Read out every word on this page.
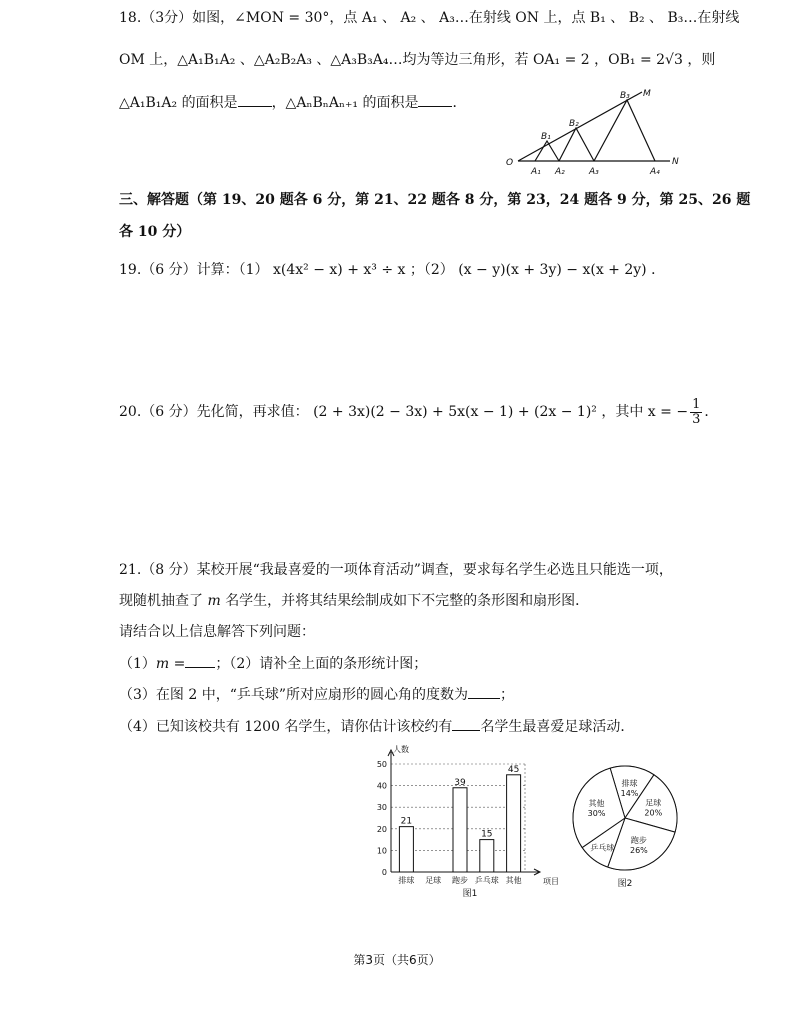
18.（3分）如图，∠MON = 30°，点 A₁ 、 A₂ 、 A₃…在射线 ON 上，点 B₁ 、 B₂ 、 B₃…在射线
OM 上，△A₁B₁A₂ 、△A₂B₂A₃ 、△A₃B₃A₄…均为等边三角形，若 OA₁ = 2 ，OB₁ = 2√3 ，则
△A₁B₁A₂ 的面积是 ，△AₙBₙAₙ₊₁ 的面积是 ．
O
M
N
A₁ A₂	A₃	A₄
B₁
B₂
B₃
三、解答题（第 19、20 题各 6 分，第 21、22 题各 8 分，第 23，24 题各 9 分，第 25、26 题
各 10 分）
19.（6 分）计算：（1） x(4x² − x) + x³ ÷ x ；（2） (x − y)(x + 3y) − x(x + 2y) ．
20.（6 分）先化简，再求值： (2 + 3x)(2 − 3x) + 5x(x − 1) + (2x − 1)² ，其中 x = − $\frac{1}{3}$ ．
21.（8 分）某校开展“我最喜爱的一项体育活动”调查，要求每名学生必选且只能选一项，
现随机抽查了 m 名学生，并将其结果绘制成如下不完整的条形图和扇形图．
请结合以上信息解答下列问题：
（1）m = ；（2）请补全上面的条形统计图；
（3）在图 2 中，“乒乓球”所对应扇形的圆心角的度数为 ；
（4）已知该校共有 1200 名学生，请你估计该校约有 名学生最喜爱足球活动．
0
10
20
30
40
50
人数
项目
21
排球 足球
39
跑步
15
乒乓球
45
其他
图1
排球
14%
足球
20%
跑步
26%
乒乓球
其他
30%
图2
第3页（共6页）
